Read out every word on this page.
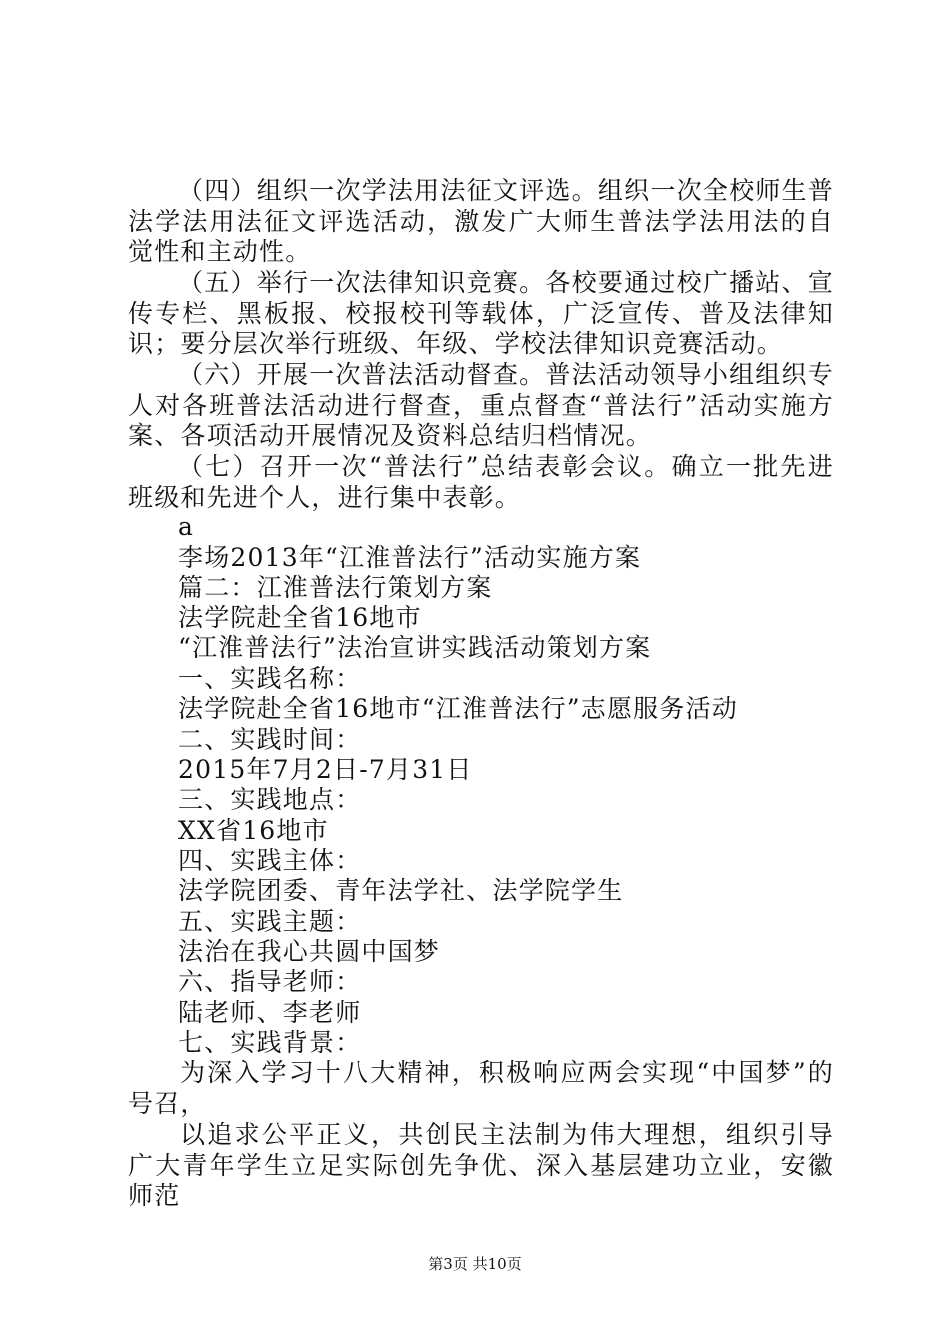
（四）组织一次学法用法征文评选。组织一次全校师生普法学法用法征文评选活动，激发广大师生普法学法用法的自觉性和主动性。

（五）举行一次法律知识竞赛。各校要通过校广播站、宣传专栏、黑板报、校报校刊等载体，广泛宣传、普及法律知识；要分层次举行班级、年级、学校法律知识竞赛活动。

（六）开展一次普法活动督查。普法活动领导小组组织专人对各班普法活动进行督查，重点督查“普法行”活动实施方案、各项活动开展情况及资料总结归档情况。

（七）召开一次“普法行”总结表彰会议。确立一批先进班级和先进个人，进行集中表彰。

a
李场2013年“江淮普法行”活动实施方案
篇二：江淮普法行策划方案
法学院赴全省16地市
“江淮普法行”法治宣讲实践活动策划方案
一、实践名称：
法学院赴全省16地市“江淮普法行”志愿服务活动
二、实践时间：
2015年7月2日-7月31日
三、实践地点：
XX省16地市
四、实践主体：
法学院团委、青年法学社、法学院学生
五、实践主题：
法治在我心共圆中国梦
六、指导老师：
陆老师、李老师
七、实践背景：

为深入学习十八大精神，积极响应两会实现“中国梦”的号召，

以追求公平正义，共创民主法制为伟大理想，组织引导广大青年学生立足实际创先争优、深入基层建功立业，安徽师范

第3页 共10页
